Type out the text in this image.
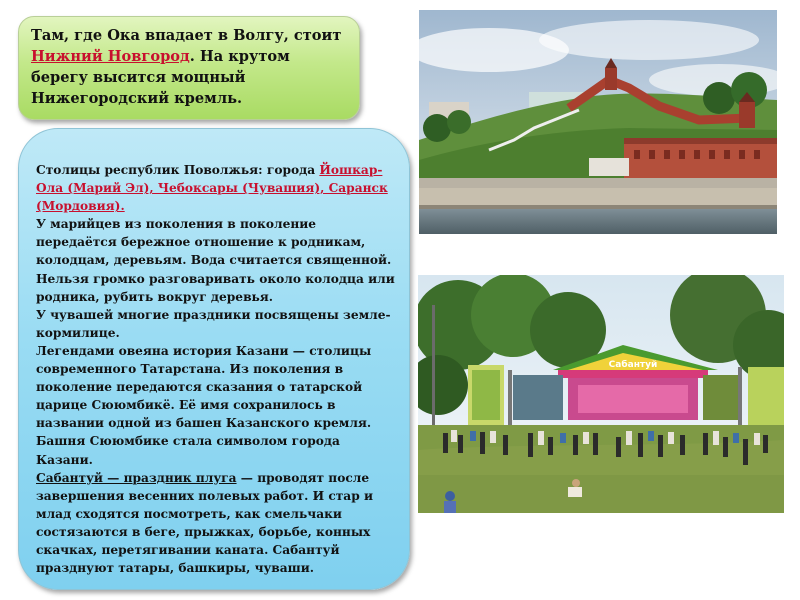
Там, где Ока впадает в Волгу, стоит Нижний Новгород. На крутом берегу высится мощный Нижегородский кремль.

Столицы республик Поволжья: города Йошкар-Ола (Марий Эл), Чебоксары (Чувашия), Саранск (Мордовия).

У марийцев из поколения в поколение передаётся бережное отношение к родникам, колодцам, деревьям. Вода считается священной. Нельзя громко разговаривать около колодца или родника, рубить вокруг деревья.

У чувашей многие праздники посвящены земле-кормилице.

Легендами овеяна история Казани — столицы современного Татарстана. Из поколения в поколение передаются сказания о татарской царице Сююмбикё. Её имя сохранилось в названии одной из башен Казанского кремля. Башня Сююмбике стала символом города Казани.

Сабантуй — праздник плуга — проводят после завершения весенних полевых работ. И стар и млад сходятся посмотреть, как смельчаки состязаются в беге, прыжках, борьбе, конных скачках, перетягивании каната. Сабантуй празднуют татары, башкиры, чуваши.

Сабантуй
